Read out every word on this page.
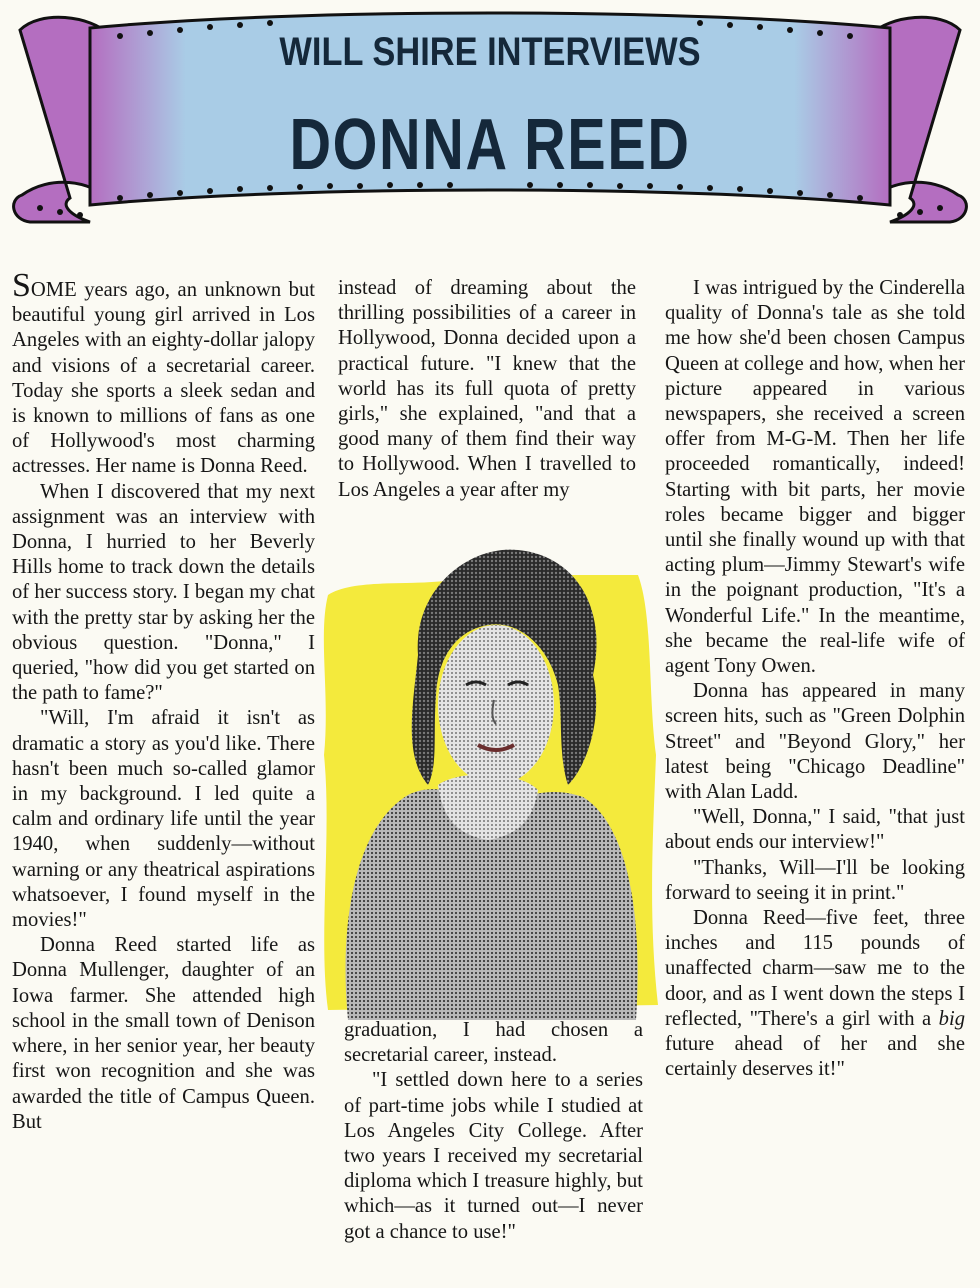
WILL SHIRE INTERVIEWS
DONNA REED

SOME years ago, an unknown but beautiful young girl arrived in Los Angeles with an eighty-dollar jalopy and visions of a secretarial career. Today she sports a sleek sedan and is known to millions of fans as one of Hollywood's most charming actresses. Her name is Donna Reed.

When I discovered that my next assignment was an interview with Donna, I hurried to her Beverly Hills home to track down the details of her success story. I began my chat with the pretty star by asking her the obvious question. "Donna," I queried, "how did you get started on the path to fame?"

"Will, I'm afraid it isn't as dramatic a story as you'd like. There hasn't been much so-called glamor in my background. I led quite a calm and ordinary life until the year 1940, when suddenly—without warning or any theatrical aspirations whatsoever, I found myself in the movies!"

Donna Reed started life as Donna Mullenger, daughter of an Iowa farmer. She attended high school in the small town of Denison where, in her senior year, her beauty first won recognition and she was awarded the title of Campus Queen. But

instead of dreaming about the thrilling possibilities of a career in Hollywood, Donna decided upon a practical future. "I knew that the world has its full quota of pretty girls," she explained, "and that a good many of them find their way to Hollywood. When I travelled to Los Angeles a year after my

graduation, I had chosen a secretarial career, instead.

"I settled down here to a series of part-time jobs while I studied at Los Angeles City College. After two years I received my secretarial diploma which I treasure highly, but which—as it turned out—I never got a chance to use!"

I was intrigued by the Cinderella quality of Donna's tale as she told me how she'd been chosen Campus Queen at college and how, when her picture appeared in various newspapers, she received a screen offer from M-G-M. Then her life proceeded romantically, indeed! Starting with bit parts, her movie roles became bigger and bigger until she finally wound up with that acting plum—Jimmy Stewart's wife in the poignant production, "It's a Wonderful Life." In the meantime, she became the real-life wife of agent Tony Owen.

Donna has appeared in many screen hits, such as "Green Dolphin Street" and "Beyond Glory," her latest being "Chicago Deadline" with Alan Ladd.

"Well, Donna," I said, "that just about ends our interview!"

"Thanks, Will—I'll be looking forward to seeing it in print."

Donna Reed—five feet, three inches and 115 pounds of unaffected charm—saw me to the door, and as I went down the steps I reflected, "There's a girl with a big future ahead of her and she certainly deserves it!"
